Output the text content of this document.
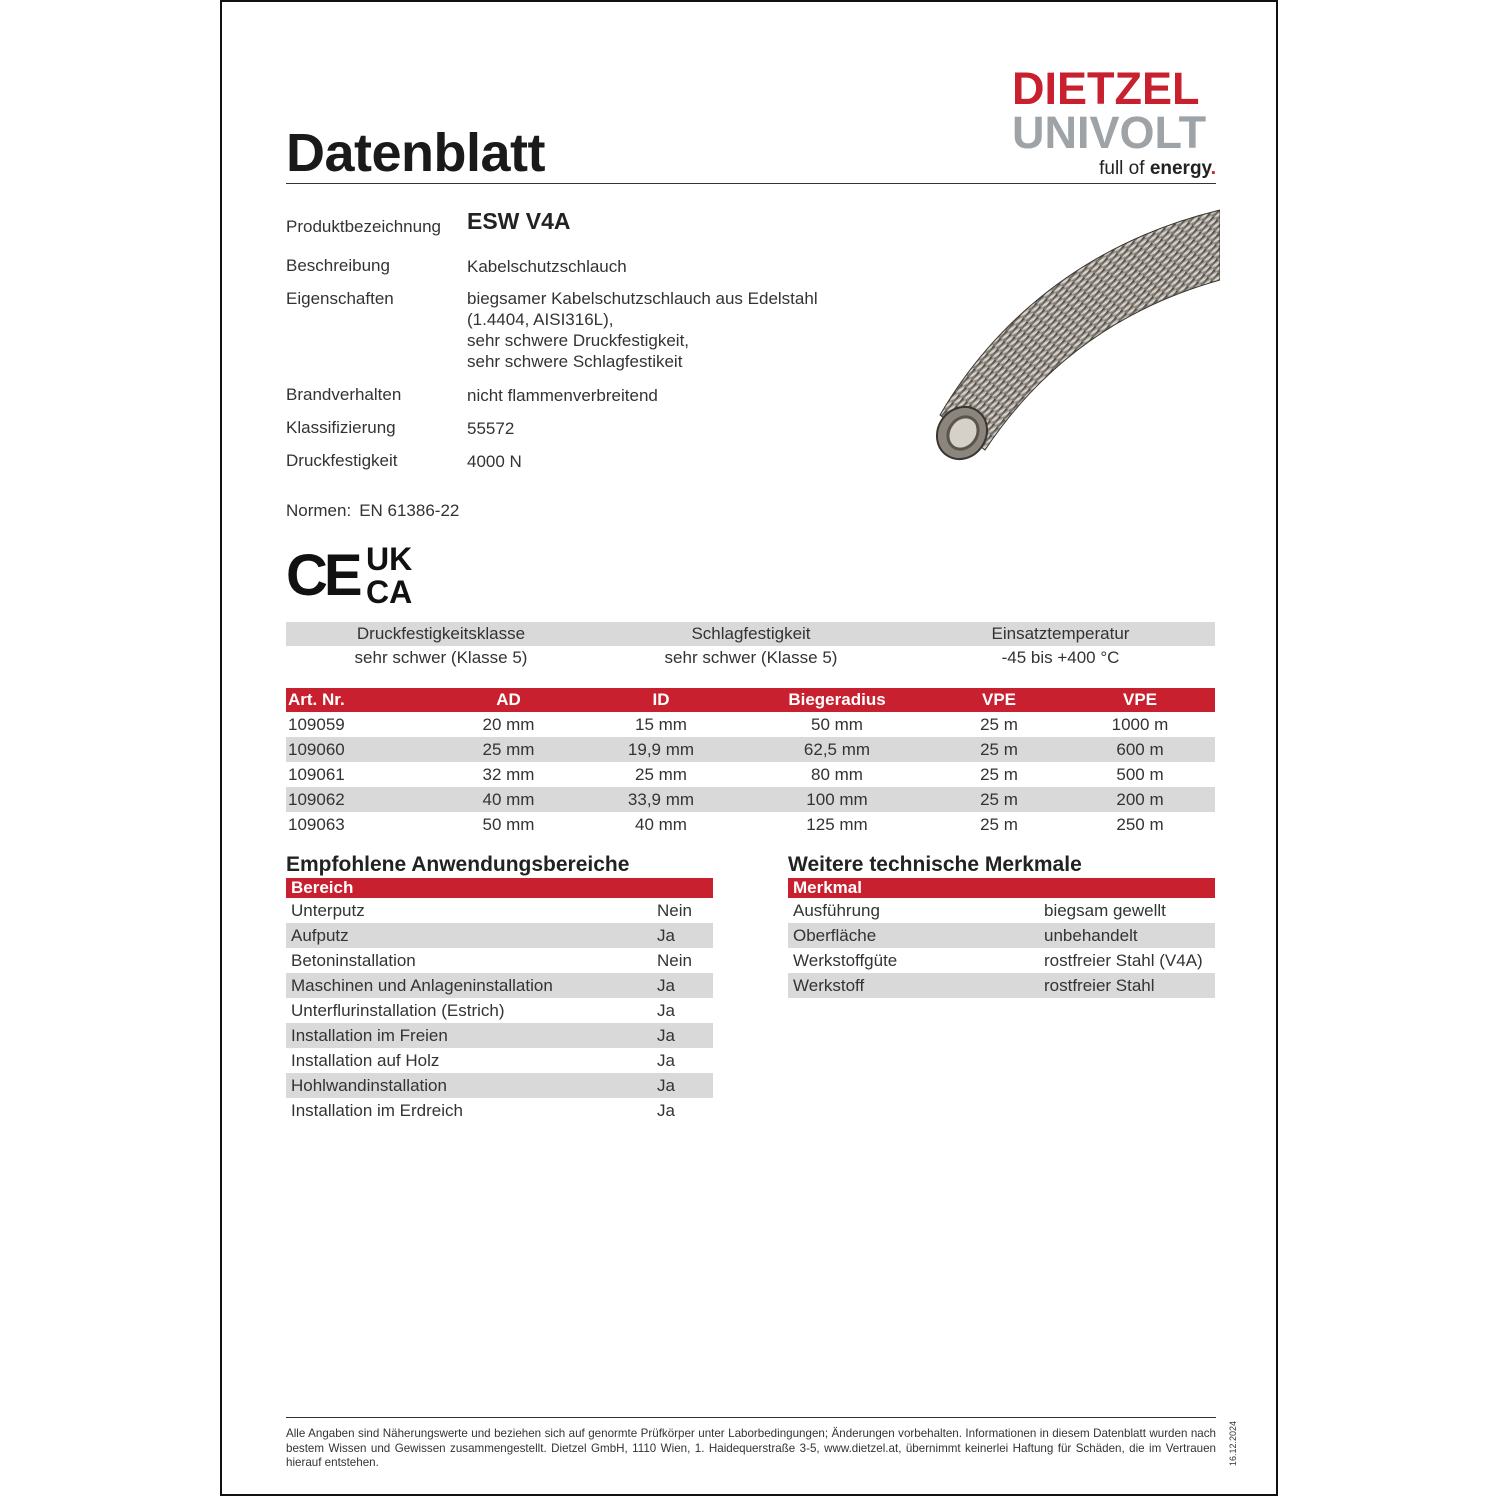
Datenblatt
DIETZEL
UNIVOLT
full of energy.
Produktbezeichnung ESW V4A
Beschreibung	Kabelschutzschlauch
Eigenschaften	biegsamer Kabelschutzschlauch aus Edelstahl
(1.4404, AISI316L),
sehr schwere Druckfestigkeit,
sehr schwere Schlagfestikeit
Brandverhalten	nicht flammenverbreitend
Klassifizierung	55572
Druckfestigkeit	4000 N
Normen: EN 61386-22
CE UK
CA
Druckfestigkeitsklasse	Schlagfestigkeit	Einsatztemperatur
sehr schwer (Klasse 5)	sehr schwer (Klasse 5)	-45 bis +400 °C
Art. Nr.	AD	ID	Biegeradius	VPE	VPE
109059	20 mm	15 mm	50 mm	25 m	1000 m
109060	25 mm	19,9 mm	62,5 mm	25 m	600 m
109061	32 mm	25 mm	80 mm	25 m	500 m
109062	40 mm	33,9 mm	100 mm	25 m	200 m
109063	50 mm	40 mm	125 mm	25 m	250 m
Empfohlene Anwendungsbereiche
Bereich
Unterputz	Nein
Aufputz	Ja
Betoninstallation	Nein
Maschinen und Anlageninstallation	Ja
Unterflurinstallation (Estrich)	Ja
Installation im Freien	Ja
Installation auf Holz	Ja
Hohlwandinstallation	Ja
Installation im Erdreich	Ja
Weitere technische Merkmale
Merkmal
Ausführung	biegsam gewellt
Oberfläche	unbehandelt
Werkstoffgüte	rostfreier Stahl (V4A)
Werkstoff	rostfreier Stahl
Alle Angaben sind Näherungswerte und beziehen sich auf genormte Prüfkörper unter Laborbedingungen; Änderungen vorbehalten. Informationen in diesem Datenblatt wurden nach bestem Wissen und Gewissen zusammengestellt. Dietzel GmbH, 1110 Wien, 1. Haidequerstraße 3-5, www.dietzel.at, übernimmt keinerlei Haftung für Schäden, die im Vertrauen hierauf entstehen.	16.12.2024
